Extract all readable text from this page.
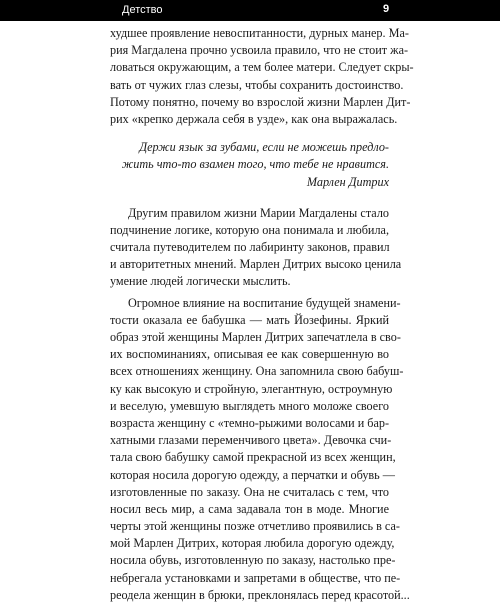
Детство	9
худшее проявление невоспитанности, дурных манер. Ма-
рия Магдалена прочно усвоила правило, что не стоит жа-
ловаться окружающим, а тем более матери. Следует скры-
вать от чужих глаз слезы, чтобы сохранить достоинство.
Потому понятно, почему во взрослой жизни Марлен Дит-
рих «крепко держала себя в узде», как она выражалась.
Держи язык за зубами, если не можешь предло-
жить что-то взамен того, что тебе не нравится.
Марлен Дитрих
Другим правилом жизни Марии Магдалены стало
подчинение логике, которую она понимала и любила,
считала путеводителем по лабиринту законов, правил
и авторитетных мнений. Марлен Дитрих высоко ценила
умение людей логически мыслить.
Огромное влияние на воспитание будущей знамени-
тости оказала ее бабушка — мать Йозефины. Яркий
образ этой женщины Марлен Дитрих запечатлела в сво-
их воспоминаниях, описывая ее как совершенную во
всех отношениях женщину. Она запомнила свою бабуш-
ку как высокую и стройную, элегантную, остроумную
и веселую, умевшую выглядеть много моложе своего
возраста женщину с «темно-рыжими волосами и бар-
хатными глазами переменчивого цвета». Девочка счи-
тала свою бабушку самой прекрасной из всех женщин,
которая носила дорогую одежду, а перчатки и обувь —
изготовленные по заказу. Она не считалась с тем, что
носил весь мир, а сама задавала тон в моде. Многие
черты этой женщины позже отчетливо проявились в са-
мой Марлен Дитрих, которая любила дорогую одежду,
носила обувь, изготовленную по заказу, настолько пре-
небрегала установками и запретами в обществе, что пе-
реодела женщин в брюки, преклонялась перед красотой...
